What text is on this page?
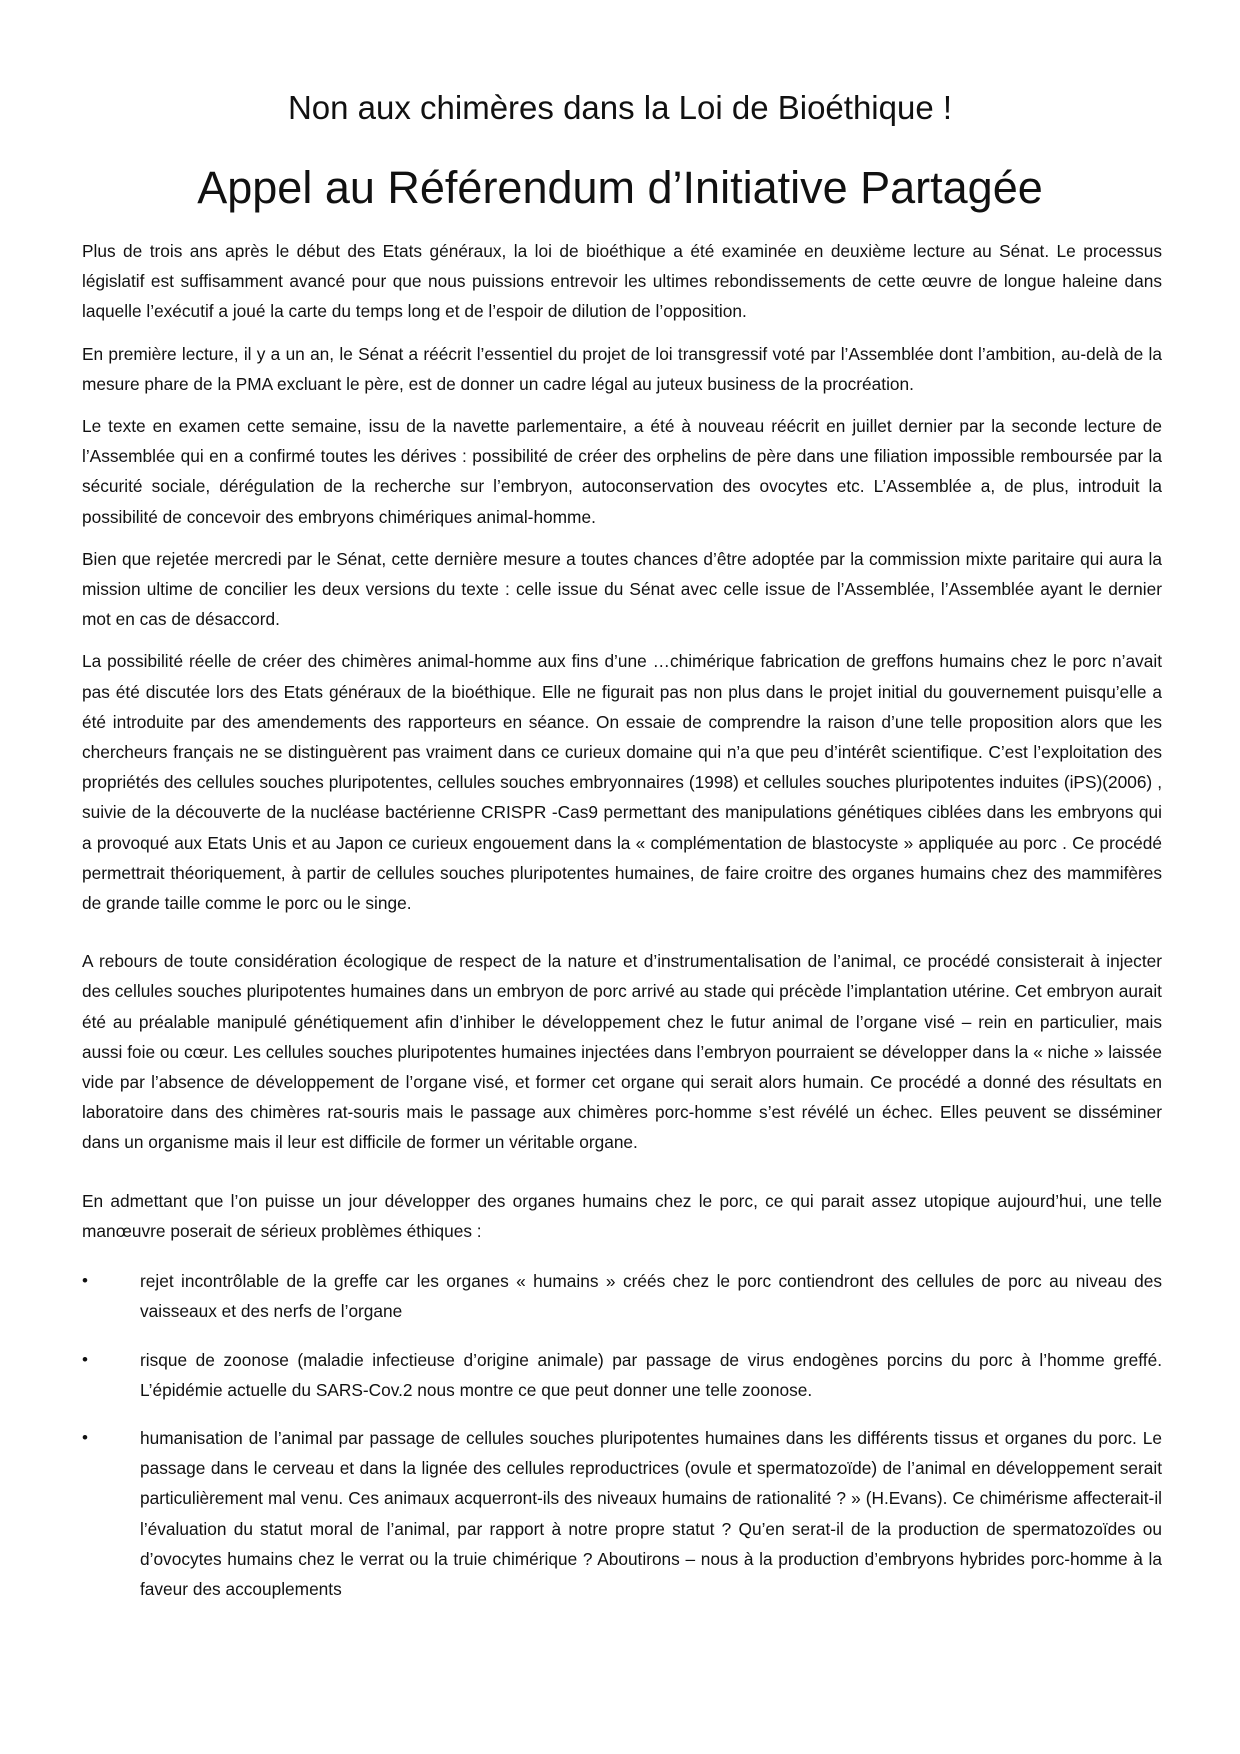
Non aux chimères dans la Loi de Bioéthique !
Appel au Référendum d’Initiative Partagée

Plus de trois ans après le début des Etats généraux, la loi de bioéthique a été examinée en deuxième lecture au Sénat. Le processus législatif est suffisamment avancé pour que nous puissions entrevoir les ultimes rebondissements de cette œuvre de longue haleine dans laquelle l’exécutif a joué la carte du temps long et de l’espoir de dilution de l’opposition.

En première lecture, il y a un an, le Sénat a réécrit l’essentiel du projet de loi transgressif voté par l’Assemblée dont l’ambition, au-delà de la mesure phare de la PMA excluant le père, est de donner un cadre légal au juteux business de la procréation.

Le texte en examen cette semaine, issu de la navette parlementaire, a été à nouveau réécrit en juillet dernier par la seconde lecture de l’Assemblée qui en a confirmé toutes les dérives : possibilité de créer des orphelins de père dans une filiation impossible remboursée par la sécurité sociale, dérégulation de la recherche sur l’embryon, autoconservation des ovocytes etc. L’Assemblée a, de plus, introduit la possibilité de concevoir des embryons chimériques animal-homme.

Bien que rejetée mercredi par le Sénat, cette dernière mesure a toutes chances d’être adoptée par la commission mixte paritaire qui aura la mission ultime de concilier les deux versions du texte : celle issue du Sénat avec celle issue de l’Assemblée, l’Assemblée ayant le dernier mot en cas de désaccord.

La possibilité réelle de créer des chimères animal-homme aux fins d’une …chimérique fabrication de greffons humains chez le porc n’avait pas été discutée lors des Etats généraux de la bioéthique. Elle ne figurait pas non plus dans le projet initial du gouvernement puisqu’elle a été introduite par des amendements des rapporteurs en séance. On essaie de comprendre la raison d’une telle proposition alors que les chercheurs français ne se distinguèrent pas vraiment dans ce curieux domaine qui n’a que peu d’intérêt scientifique. C’est l’exploitation des propriétés des cellules souches pluripotentes, cellules souches embryonnaires (1998) et cellules souches pluripotentes induites (iPS)(2006) , suivie de la découverte de la nucléase bactérienne CRISPR -Cas9 permettant des manipulations génétiques ciblées dans les embryons qui a provoqué aux Etats Unis et au Japon ce curieux engouement dans la « complémentation de blastocyste » appliquée au porc . Ce procédé permettrait théoriquement, à partir de cellules souches pluripotentes humaines, de faire croitre des organes humains chez des mammifères de grande taille comme le porc ou le singe.

A rebours de toute considération écologique de respect de la nature et d’instrumentalisation de l’animal, ce procédé consisterait à injecter des cellules souches pluripotentes humaines dans un embryon de porc arrivé au stade qui précède l’implantation utérine. Cet embryon aurait été au préalable manipulé génétiquement afin d’inhiber le développement chez le futur animal de l’organe visé – rein en particulier, mais aussi foie ou cœur. Les cellules souches pluripotentes humaines injectées dans l’embryon pourraient se développer dans la « niche » laissée vide par l’absence de développement de l’organe visé, et former cet organe qui serait alors humain. Ce procédé a donné des résultats en laboratoire dans des chimères rat-souris mais le passage aux chimères porc-homme s’est révélé un échec. Elles peuvent se disséminer dans un organisme mais il leur est difficile de former un véritable organe.

En admettant que l’on puisse un jour développer des organes humains chez le porc, ce qui parait assez utopique aujourd’hui, une telle manœuvre poserait de sérieux problèmes éthiques :

•	rejet incontrôlable de la greffe car les organes « humains » créés chez le porc contiendront des cellules de porc au niveau des vaisseaux et des nerfs de l’organe
•	risque de zoonose (maladie infectieuse d’origine animale) par passage de virus endogènes porcins du porc à l’homme greffé. L’épidémie actuelle du SARS-Cov.2 nous montre ce que peut donner une telle zoonose.
•	humanisation de l’animal par passage de cellules souches pluripotentes humaines dans les différents tissus et organes du porc. Le passage dans le cerveau et dans la lignée des cellules reproductrices (ovule et spermatozoïde) de l’animal en développement serait particulièrement mal venu. Ces animaux acquerront-ils des niveaux humains de rationalité ? » (H.Evans). Ce chimérisme affecterait-il l’évaluation du statut moral de l’animal, par rapport à notre propre statut ? Qu’en serat-il de la production de spermatozoïdes ou d’ovocytes humains chez le verrat ou la truie chimérique ? Aboutirons – nous à la production d’embryons hybrides porc-homme à la faveur des accouplements
